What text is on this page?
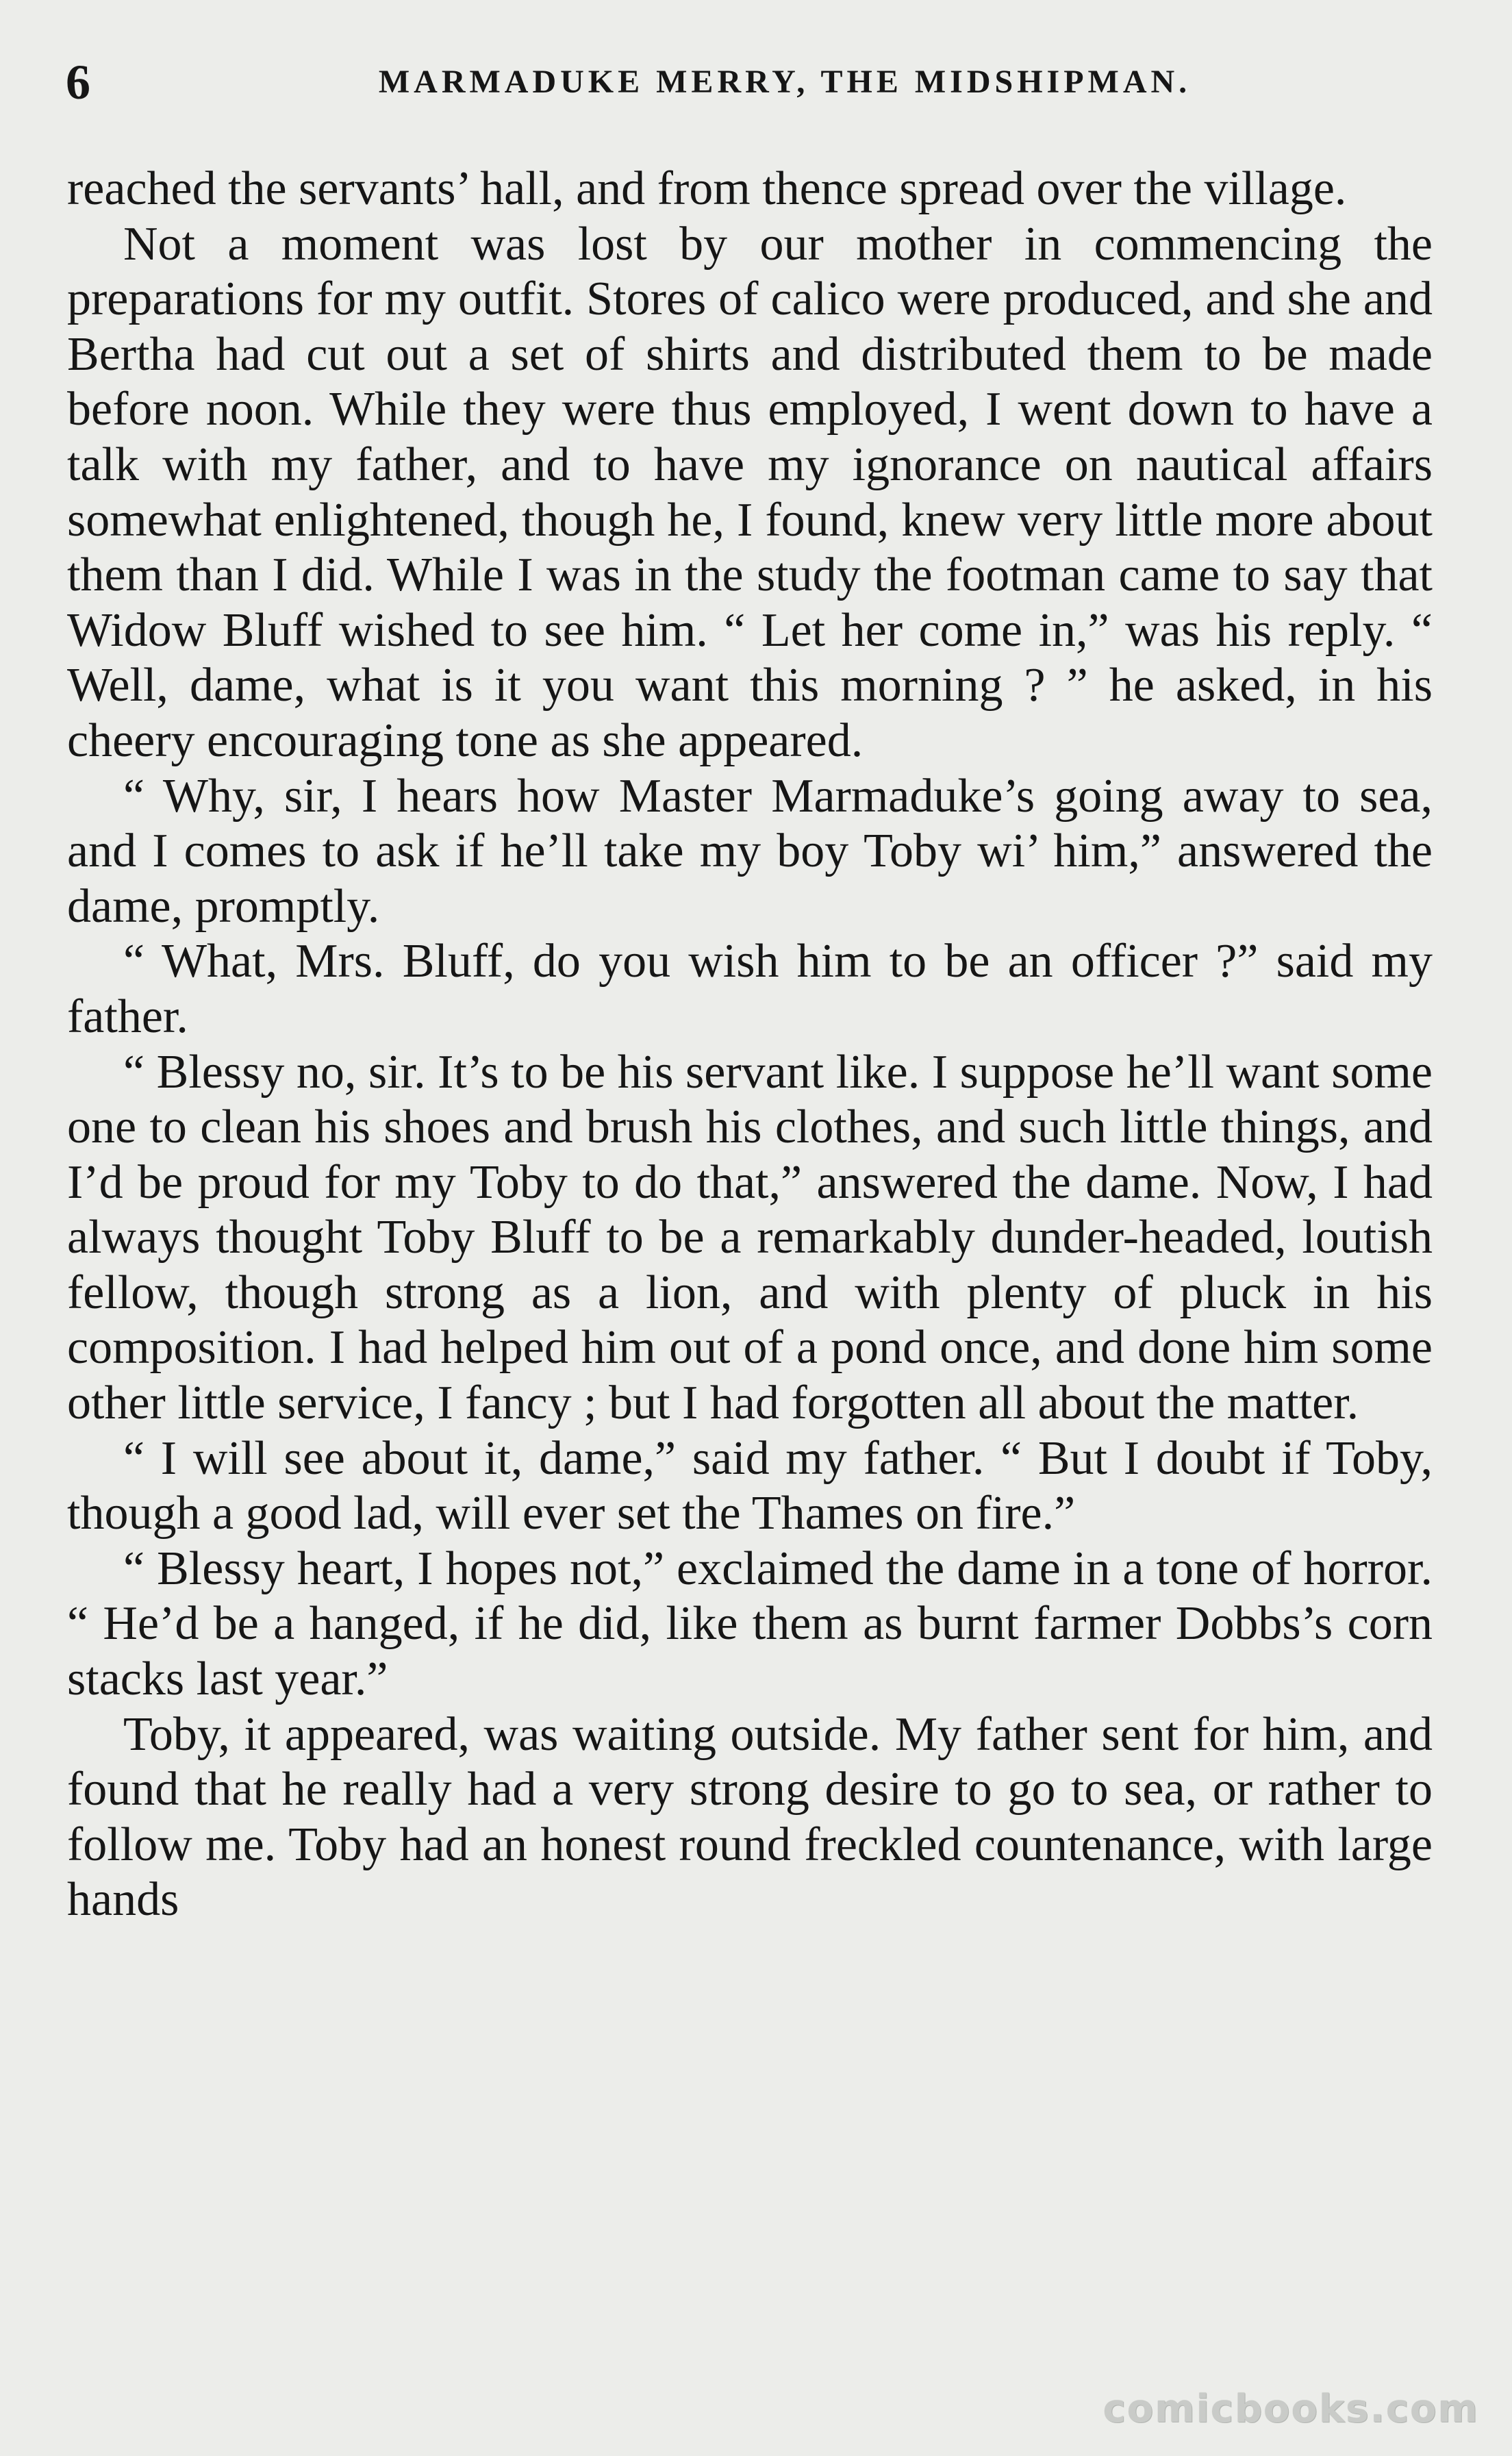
6	MARMADUKE MERRY, THE MIDSHIPMAN.

reached the servants’ hall, and from thence spread over the village.

Not a moment was lost by our mother in commencing the preparations for my outfit. Stores of calico were produced, and she and Bertha had cut out a set of shirts and distributed them to be made before noon. While they were thus employed, I went down to have a talk with my father, and to have my ignorance on nautical affairs somewhat enlightened, though he, I found, knew very little more about them than I did. While I was in the study the footman came to say that Widow Bluff wished to see him. “ Let her come in,” was his reply. “ Well, dame, what is it you want this morning ? ” he asked, in his cheery encouraging tone as she appeared.

“ Why, sir, I hears how Master Marmaduke’s going away to sea, and I comes to ask if he’ll take my boy Toby wi’ him,” answered the dame, promptly.

“ What, Mrs. Bluff, do you wish him to be an officer ?” said my father.

“ Blessy no, sir. It’s to be his servant like. I suppose he’ll want some one to clean his shoes and brush his clothes, and such little things, and I’d be proud for my Toby to do that,” answered the dame. Now, I had always thought Toby Bluff to be a remarkably dunder-headed, loutish fellow, though strong as a lion, and with plenty of pluck in his composition. I had helped him out of a pond once, and done him some other little service, I fancy ; but I had forgotten all about the matter.

“ I will see about it, dame,” said my father. “ But I doubt if Toby, though a good lad, will ever set the Thames on fire.”

“ Blessy heart, I hopes not,” exclaimed the dame in a tone of horror. “ He’d be a hanged, if he did, like them as burnt farmer Dobbs’s corn stacks last year.”

Toby, it appeared, was waiting outside. My father sent for him, and found that he really had a very strong desire to go to sea, or rather to follow me. Toby had an honest round freckled countenance, with large hands

comicbooks.com
